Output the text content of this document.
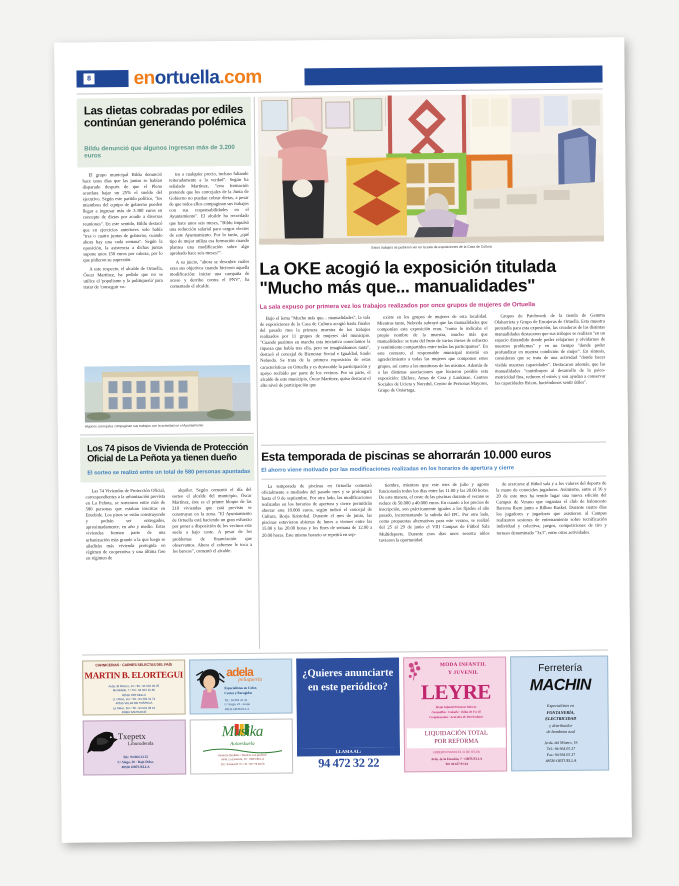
8 enortuella.com
Las dietas cobradas por ediles continúan generando polémica
Bildu denunció que algunos ingresan más de 3.200 euros

El grupo municipal Bildu denunció hace unos días que las juntas se habían disparado después de que el Pleno acordara bajar un 25% el sueldo del ejecutivo. Según este partido político, "los miembros del equipo de gobierno pueden llegar a ingresar más de 3.300 euros en concepto de dietas por acudir a diversas reuniones". En este sentido, Bildu destacó que en ejercicios anteriores solo había "tres o cuatro juntas de gobierno, cuando ahora hay una cada semana". Según la oposición, la asistencia a dichas juntas supone unos 150 euros por cabeza, por lo que pidieron su supresión.

A este respecto, el alcalde de Ortuella, Óscar Martínez, ha pedido que no se utilice el 'populismo y la politiquería' para tratar de 'conseguir vo-

tos a cualquier precio, incluso faltando reiteradamente a la verdad". Según ha señalado Martínez, "esta formación pretende que los concejales de la Junta de Gobierno no puedan cobrar dietas, a pesar de que todos ellos compaginan sus trabajos con sus responsabilidades en el Ayuntamiento". El alcalde ha recordado que hace unos seis meses, "Bildu impulsó una reducción salarial para cargos electos de este Ayuntamiento. Por lo tanto, ¿qué tipo de mejor utiliza esa formación cuando plantea una modificación sobre algo aprobado hace seis meses?".

A su juicio, "ahora se descubre cuáles eran sus objetivos cuando hicieron aquella modificación: iniciar una campaña de acoso y derribo contra el PNV", ha comentado el alcalde.

Algunos concejales compaginan sus trabajos con la actividad en el Ayuntamiento
Los 74 pisos de Vivienda de Protección Oficial de La Peñota ya tienen dueño
El sorteo se realizó entre un total de 580 personas apuntadas

Las 74 Viviendas de Protección Oficial, correspondientes a la urbanización prevista en La Peñota, se sortearon entre más de 580 personas que estaban inscritas en Etxebide. Los pisos se están construyendo y podrán ser entregados, aproximadamente, en año y medio. Estas viviendas forman parte de una urbanización más grande a la que luego se añadirán más vivienda protegida en régimen de cooperativa y una última fase en régimen de

alquiler. Según comentó el día del sorteo el alcalde del municipio, Óscar Martínez, éste es el primer bloque de las 210 viviendas que está previsto se construyan en la zona. "El Ayuntamiento de Ortuella está haciendo un gran esfuerzo por poner a disposición de los vecinos este suelo a bajo coste. A pesar de los problemas de financiación que observamos. Ahora el esfuerzo le toca a los bancos", comentó el alcalde.

Estos trabajos se pudieron ver en la sala de exposiciones de la Casa de Cultura
La OKE acogió la exposición titulada
"Mucho más que... manualidades"
La sala expuso por primera vez los trabajos realizados por once grupos de mujeres de Ortuella

Bajo el lema "Mucho más que... manualidades", la sala de exposiciones de la Casa de Cultura acogió hasta finales del pasado mes la primera muestra de los trabajos realizados por 11 grupos de mujeres del municipio. "Cuando pusimos en marcha esta iniciativa conocíamos la riqueza que había tras ella, pero no imaginábamos tanta", destacó el concejal de Bienestar Social e Igualdad, Saulo Nebreda. Se trata de la primera exposición de estas características en Ortuella y es destacable la participación y apoyo recibido por parte de los vecinos. Por su parte, el alcalde de este municipio, Óscar Martínez, quiso destacar el alto nivel de participación que

existe en los grupos de mujeres de esta localidad. Mientras tanto, Nebreda subrayó que las manualidades que componían esta exposición eran, "como lo indicaba el propio nombre de la muestra, mucho más que manualidades: se trata del fruto de varios meses de esfuerzo y sentimiento compartidos entre todas las participantes". En este contexto, el responsable municipal insistió en agradecimiento a todas las mujeres que componen estos grupos, así como a las monitoras de los mismos. Además de a las distintas asociaciones que hicieron posible esta exposición: Ekilore, Amas de Casa y Laukinae, Centros Sociales de Ucieta y Noredul, Centro de Personas Mayores, Grupo de Oniartaga,

Grupos de Patchwork de la tienda de Gemma Olabarrieta y Grupo de Encajeras de Ortuella. Esta muestra pretendía para esta exposición, las creadoras de las distintas manualidades destacaron que sus trabajos se realizan "en un espacio distendido donde poder relajarnos y olvidarnos de nuestros problemas" y en un tiempo "donde poder profundizar en nuestra condición de mujer". En síntesis, consideran que se trata de una actividad "donde hacer visible nuestras capacidades". Destacaron además, que las manualidades "contribuyen al desarrollo de la psico-motricidad fina, reducen el estrés y son ayudan a conservar las capacidades físicas, haciéndonos sentir útiles".

Esta temporada de piscinas se ahorrarán 10.000 euros
El ahorro viene motivado por las modificaciones realizadas en los horarios de apertura y cierre

La temporada de piscinas en Ortuella comenzó oficialmente a mediados del pasado mes y se prolongará hasta el 9 de septiembre. Por otro lado, las modificaciones realizadas en los horarios de apertura y cierre permitirán ahorrar este 10.000 euros, según indicó el concejal de Cultura, Borja Kristobal. Durante el mes de junio, las piscinas estuvieron abiertas de lunes a viernes entre las 15.00 y las 20.00 horas y los fines de semana de 12.00 a 20.00 horas. Este mismo horario se repetirá en sep-

tiembre, mientras que este mes de julio y agosto funcionarán todos los días entre las 11.00 y las 20.00 horas. De esta manera, el coste de las piscinas durante el verano se reduce de 50.000 a 40.000 euros. En cuanto a los precios de inscripción, son prácticamente iguales a los fijados el año pasado, incrementando la subida del IPC. Por otro lado, como propuestas alternativas para este verano, se realizó del 25 al 29 de junio el VIII Campus de Fútbol Sala Multideporte. Durante esos días unos sesenta niños tuvieron la oportunidad

de acercarse al fútbol sala y a los valores del deporte de la mano de conocidos jugadores. Asimismo, entre el 16 y 20 de este mes ha tenido lugar una nueva edición del Campus de Verano que organiza el club de baloncesto Barrena Ibern junto a Bilbao Basket. Durante cuatro días los jugadores y jugadoras que asistieron al Campus realizaron sesiones de entrenamiento sobre tecnificación individual y colectiva, juegos, competiciones de tiro y torneos denominado "3x3", entre otras actividades.

CARNICERIAS · CARNES SELECTAS DEL PAÍS
MARTIN B. ELORTEGUI
Avda. El Minero, 14 • Tel.: 94 664 00 05
Mendialde, 7 • Tel.: 94 664 10 80
48530 ORTUELLA
Ll. Olano, s/n • Tel.: 94 492 31 72
48510 VALLE DE TRÁPAGA
La Salve, 5/n • Tel.: 94 601 08 16
48980 SANTURCE
adela
peluquería
Especialistas en Color,
Cortes y Recogidos
Tel.: 94 664 23 44
C/ Aiega, 23 - Lonja
48530 ORTUELLA
¿Quieres anunciarte en este periódico?
LLAMA AL:
94 472 32 22
MODA INFANTIL
Y JUVENIL
LEYRE
Moda Infantil Primeras Marcas
Canastillas · Calzado · Tallas de 0 a 18
Complementos · Artículos de Puericultura
LIQUIDACIÓN TOTAL
POR REFORMA
(ABIERTO HASTA EL 31 DE JULIO)
Avda. de la Estación, 7 · ORTUELLA
Tel. 94 657 91 64
Ferretería
MACHIN
Especialistas en
FONTANERÍA,
ELECTRICIDAD
y distribuidor
de bombona azul
Avda. del Minero, 18
Tel.: 94 664 05 27
Fax: 94 664 05 27
48530 ORTUELLA
Txepetx
Liburudenda
Tel.: 94 664 23 25
C/ Aiego, 20 · Bajo Dcha.
48530 ORTUELLA
Musika
Autoeskuela
Horarios flexibles • Teóricas con profesor
Avda. La Estación, 10 · ORTUELLA
Tel.: 94 664 60 72 • Tf.: 657 79 66 66
